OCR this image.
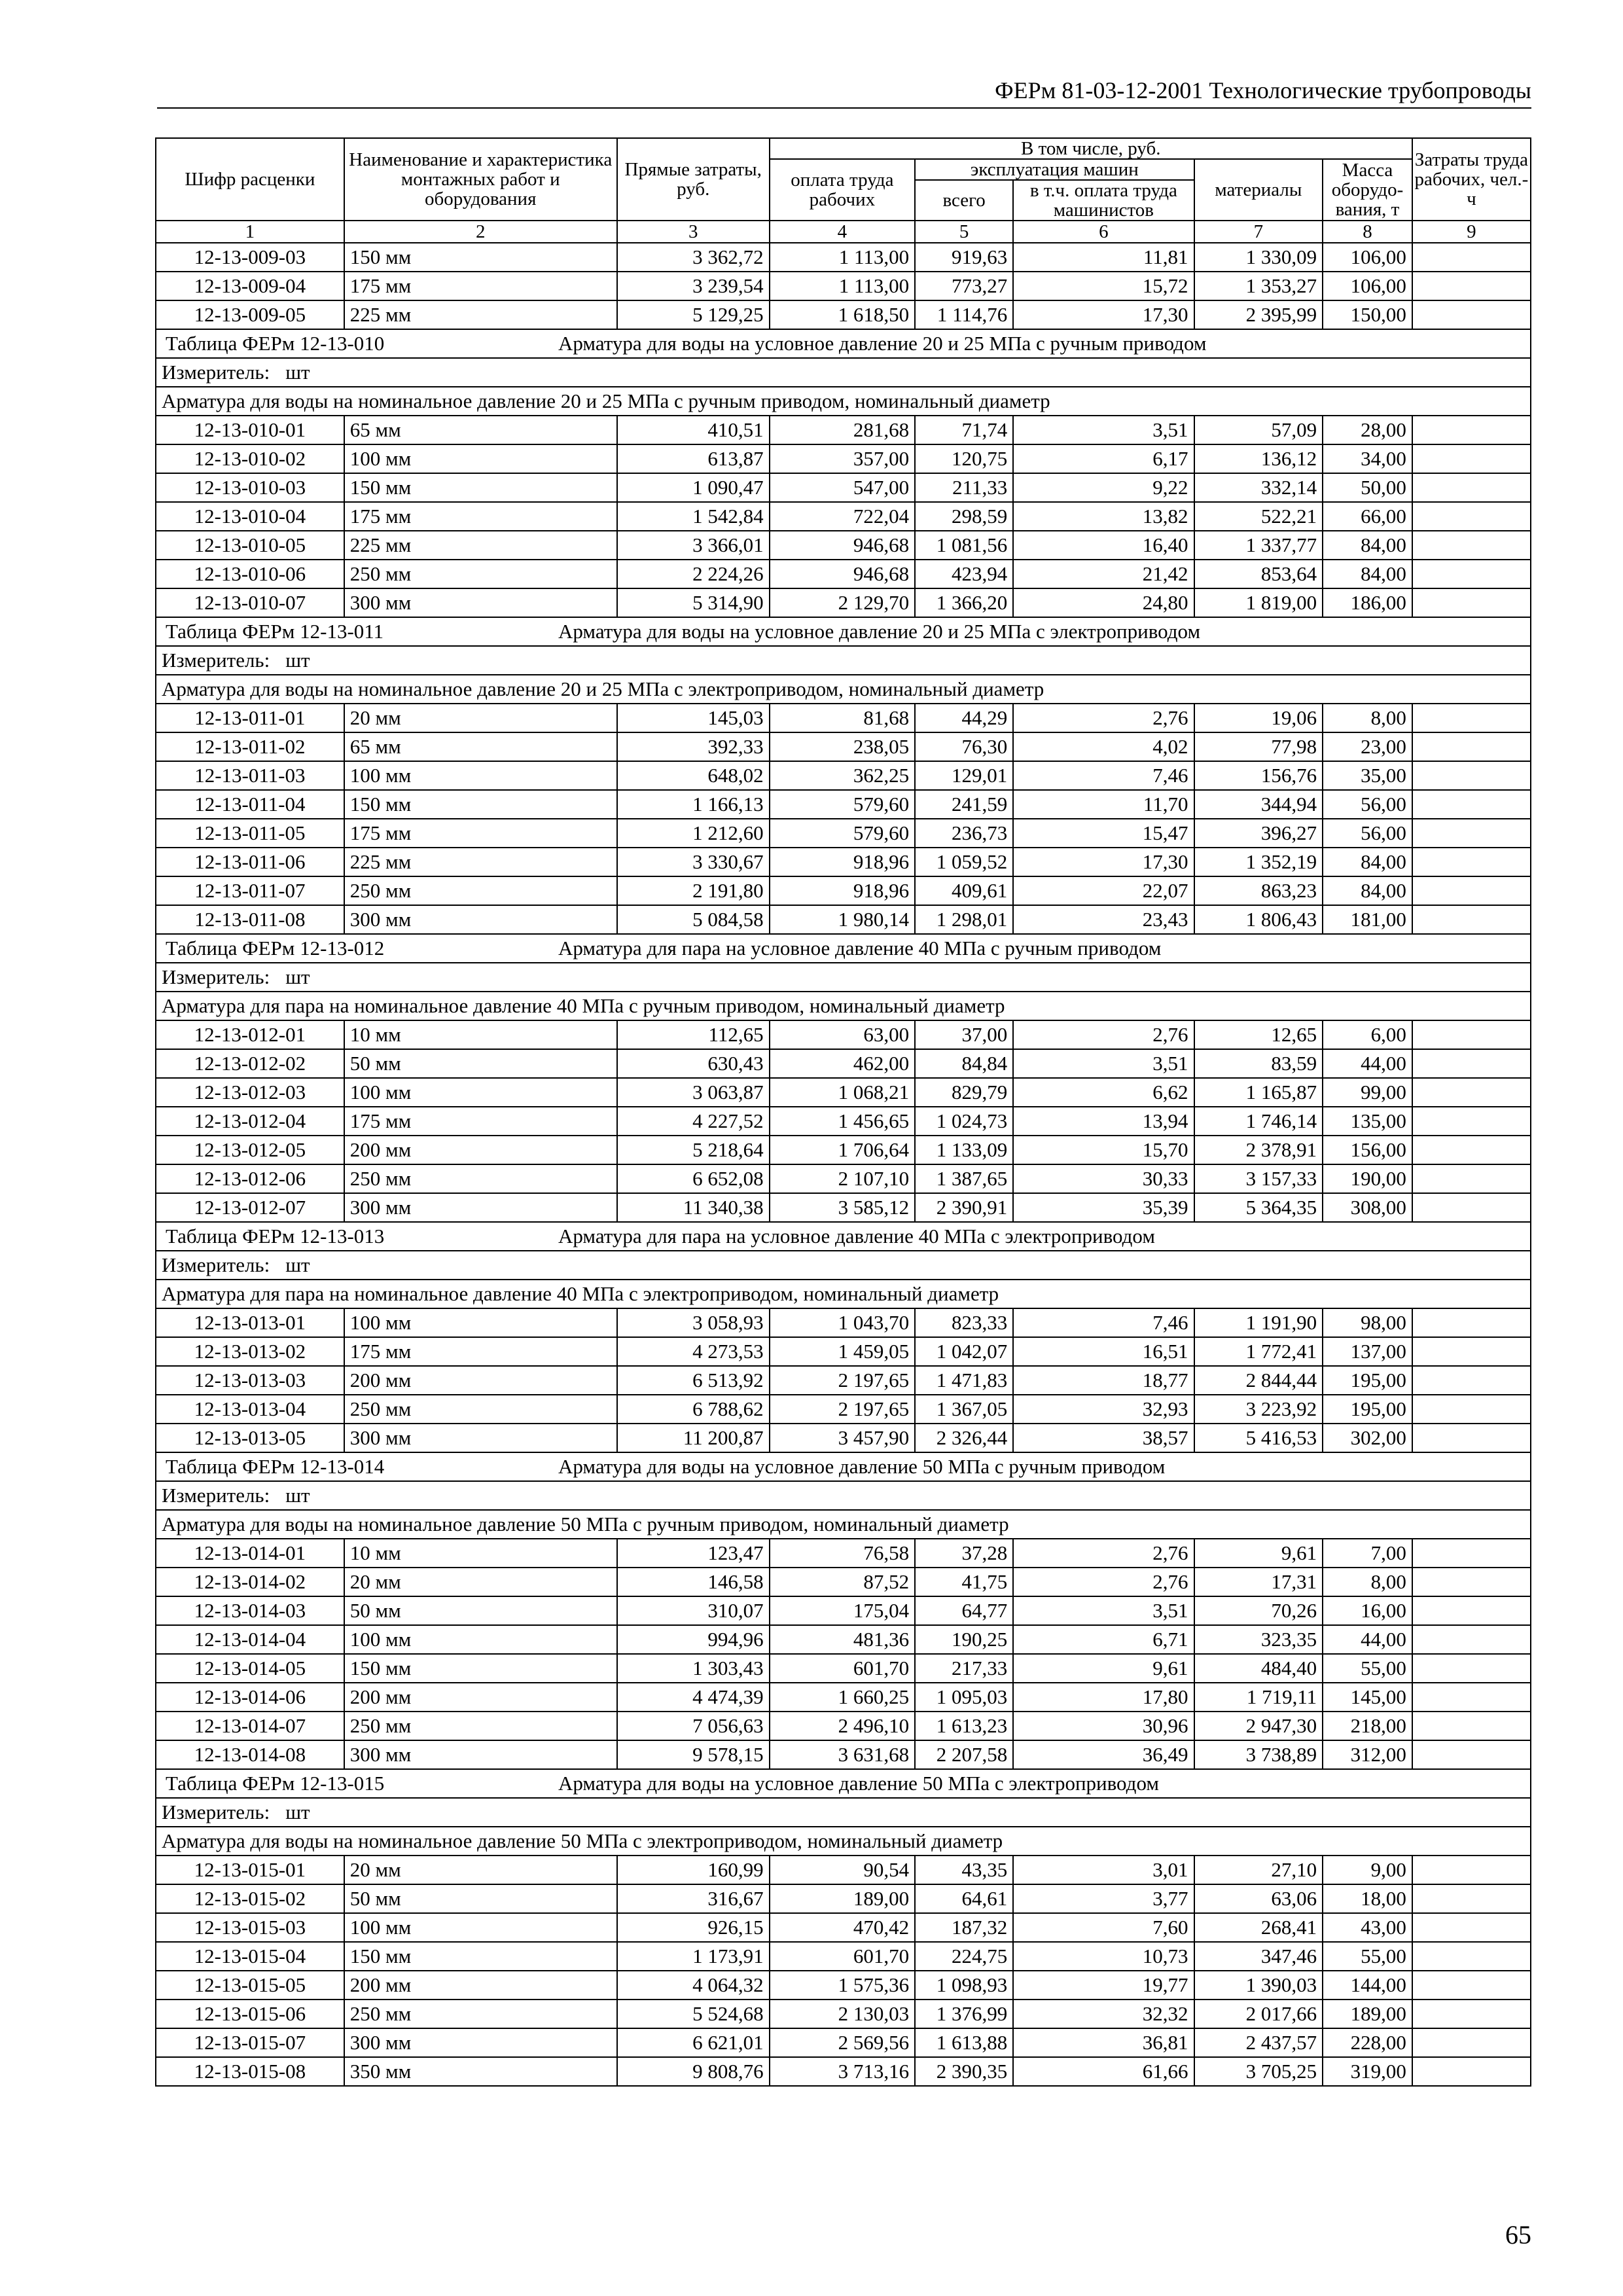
ФЕРм 81-03-12-2001 Технологические трубопроводы
Шифр расценки	Наименование и характеристика монтажных работ и оборудования	Прямые затраты, руб.	В том числе, руб.					Затраты труда рабочих, чел.-ч
			оплата труда рабочих	эксплуатация машин		материалы	Масса оборудо-вания, т	
				всего	в т.ч. оплата труда машинистов			

1	2	3	4	5	6	7	8	9
12-13-009-03	150 мм	3 362,72	1 113,00	919,63	11,81	1 330,09	106,00	
12-13-009-04	175 мм	3 239,54	1 113,00	773,27	15,72	1 353,27	106,00	
12-13-009-05	225 мм	5 129,25	1 618,50	1 114,76	17,30	2 395,99	150,00	
Таблица ФЕРм 12-13-010 Арматура для воды на условное давление 20 и 25 МПа с ручным приводом								
Измеритель: шт								
Арматура для воды на номинальное давление 20 и 25 МПа с ручным приводом, номинальный диаметр								
12-13-010-01	65 мм	410,51	281,68	71,74	3,51	57,09	28,00	
12-13-010-02	100 мм	613,87	357,00	120,75	6,17	136,12	34,00	
12-13-010-03	150 мм	1 090,47	547,00	211,33	9,22	332,14	50,00	
12-13-010-04	175 мм	1 542,84	722,04	298,59	13,82	522,21	66,00	
12-13-010-05	225 мм	3 366,01	946,68	1 081,56	16,40	1 337,77	84,00	
12-13-010-06	250 мм	2 224,26	946,68	423,94	21,42	853,64	84,00	
12-13-010-07	300 мм	5 314,90	2 129,70	1 366,20	24,80	1 819,00	186,00	
Таблица ФЕРм 12-13-011 Арматура для воды на условное давление 20 и 25 МПа с электроприводом								
Измеритель: шт								
Арматура для воды на номинальное давление 20 и 25 МПа с электроприводом, номинальный диаметр								
12-13-011-01	20 мм	145,03	81,68	44,29	2,76	19,06	8,00	
12-13-011-02	65 мм	392,33	238,05	76,30	4,02	77,98	23,00	
12-13-011-03	100 мм	648,02	362,25	129,01	7,46	156,76	35,00	
12-13-011-04	150 мм	1 166,13	579,60	241,59	11,70	344,94	56,00	
12-13-011-05	175 мм	1 212,60	579,60	236,73	15,47	396,27	56,00	
12-13-011-06	225 мм	3 330,67	918,96	1 059,52	17,30	1 352,19	84,00	
12-13-011-07	250 мм	2 191,80	918,96	409,61	22,07	863,23	84,00	
12-13-011-08	300 мм	5 084,58	1 980,14	1 298,01	23,43	1 806,43	181,00	
Таблица ФЕРм 12-13-012 Арматура для пара на условное давление 40 МПа с ручным приводом								
Измеритель: шт								
Арматура для пара на номинальное давление 40 МПа с ручным приводом, номинальный диаметр								
12-13-012-01	10 мм	112,65	63,00	37,00	2,76	12,65	6,00	
12-13-012-02	50 мм	630,43	462,00	84,84	3,51	83,59	44,00	
12-13-012-03	100 мм	3 063,87	1 068,21	829,79	6,62	1 165,87	99,00	
12-13-012-04	175 мм	4 227,52	1 456,65	1 024,73	13,94	1 746,14	135,00	
12-13-012-05	200 мм	5 218,64	1 706,64	1 133,09	15,70	2 378,91	156,00	
12-13-012-06	250 мм	6 652,08	2 107,10	1 387,65	30,33	3 157,33	190,00	
12-13-012-07	300 мм	11 340,38	3 585,12	2 390,91	35,39	5 364,35	308,00	
Таблица ФЕРм 12-13-013 Арматура для пара на условное давление 40 МПа с электроприводом								
Измеритель: шт								
Арматура для пара на номинальное давление 40 МПа с электроприводом, номинальный диаметр								
12-13-013-01	100 мм	3 058,93	1 043,70	823,33	7,46	1 191,90	98,00	
12-13-013-02	175 мм	4 273,53	1 459,05	1 042,07	16,51	1 772,41	137,00	
12-13-013-03	200 мм	6 513,92	2 197,65	1 471,83	18,77	2 844,44	195,00	
12-13-013-04	250 мм	6 788,62	2 197,65	1 367,05	32,93	3 223,92	195,00	
12-13-013-05	300 мм	11 200,87	3 457,90	2 326,44	38,57	5 416,53	302,00	
Таблица ФЕРм 12-13-014 Арматура для воды на условное давление 50 МПа с ручным приводом								
Измеритель: шт								
Арматура для воды на номинальное давление 50 МПа с ручным приводом, номинальный диаметр								
12-13-014-01	10 мм	123,47	76,58	37,28	2,76	9,61	7,00	
12-13-014-02	20 мм	146,58	87,52	41,75	2,76	17,31	8,00	
12-13-014-03	50 мм	310,07	175,04	64,77	3,51	70,26	16,00	
12-13-014-04	100 мм	994,96	481,36	190,25	6,71	323,35	44,00	
12-13-014-05	150 мм	1 303,43	601,70	217,33	9,61	484,40	55,00	
12-13-014-06	200 мм	4 474,39	1 660,25	1 095,03	17,80	1 719,11	145,00	
12-13-014-07	250 мм	7 056,63	2 496,10	1 613,23	30,96	2 947,30	218,00	
12-13-014-08	300 мм	9 578,15	3 631,68	2 207,58	36,49	3 738,89	312,00	
Таблица ФЕРм 12-13-015 Арматура для воды на условное давление 50 МПа с электроприводом								
Измеритель: шт								
Арматура для воды на номинальное давление 50 МПа с электроприводом, номинальный диаметр								
12-13-015-01	20 мм	160,99	90,54	43,35	3,01	27,10	9,00	
12-13-015-02	50 мм	316,67	189,00	64,61	3,77	63,06	18,00	
12-13-015-03	100 мм	926,15	470,42	187,32	7,60	268,41	43,00	
12-13-015-04	150 мм	1 173,91	601,70	224,75	10,73	347,46	55,00	
12-13-015-05	200 мм	4 064,32	1 575,36	1 098,93	19,77	1 390,03	144,00	
12-13-015-06	250 мм	5 524,68	2 130,03	1 376,99	32,32	2 017,66	189,00	
12-13-015-07	300 мм	6 621,01	2 569,56	1 613,88	36,81	2 437,57	228,00	
12-13-015-08	350 мм	9 808,76	3 713,16	2 390,35	61,66	3 705,25	319,00	
65
